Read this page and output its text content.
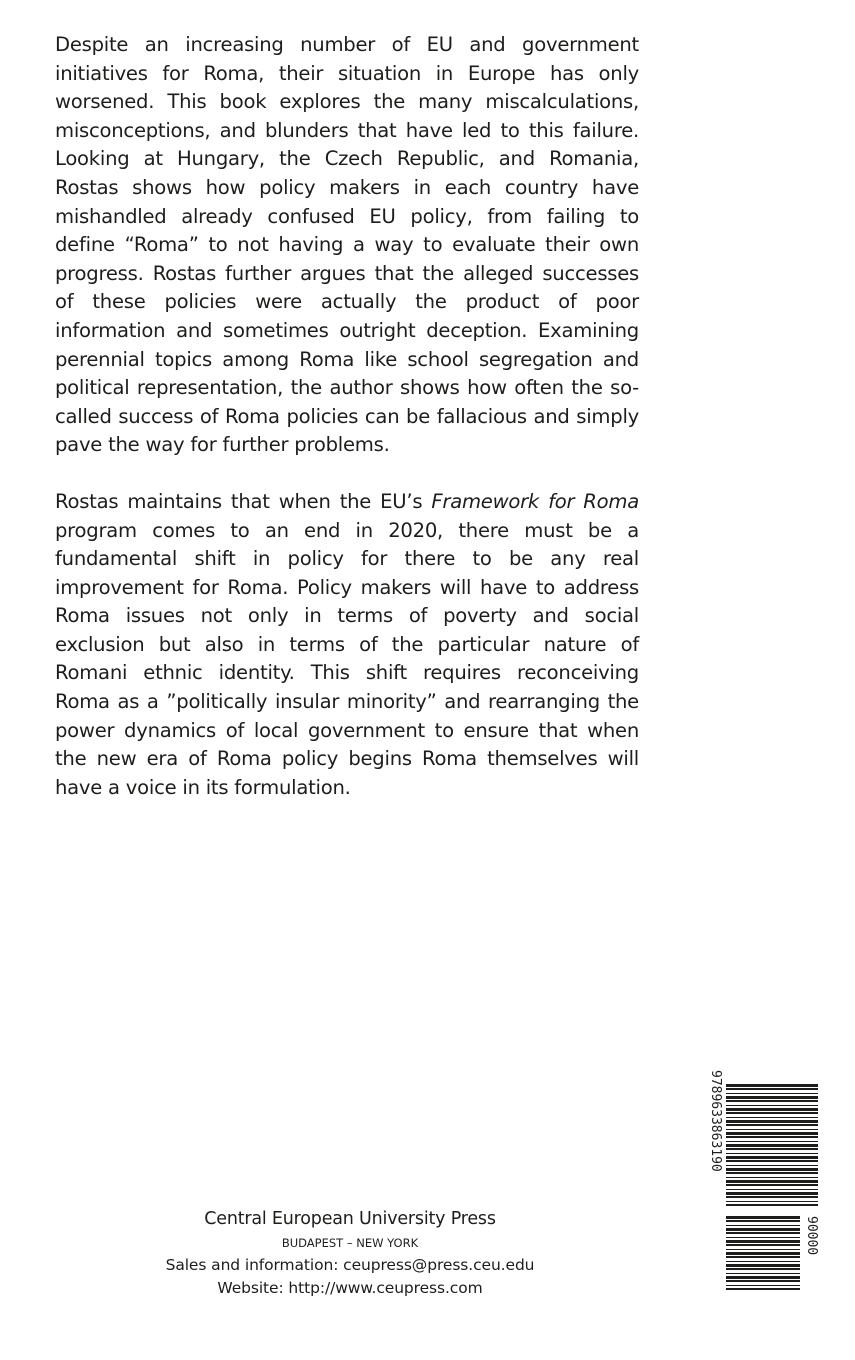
Despite an increasing number of EU and government initiatives for Roma, their situation in Europe has only worsened. This book explores the many miscalculations, misconceptions, and blunders that have led to this failure. Looking at Hungary, the Czech Republic, and Romania, Rostas shows how policy makers in each country have mishandled already confused EU policy, from failing to define “Roma” to not having a way to evaluate their own progress. Rostas further argues that the alleged successes of these policies were actually the product of poor information and sometimes outright deception. Examining perennial topics among Roma like school segregation and political representation, the author shows how often the so-called success of Roma policies can be fallacious and simply pave the way for further problems.

Rostas maintains that when the EU’s Framework for Roma program comes to an end in 2020, there must be a fundamental shift in policy for there to be any real improvement for Roma. Policy makers will have to address Roma issues not only in terms of poverty and social exclusion but also in terms of the particular nature of Romani ethnic identity. This shift requires reconceiving Roma as a ”politically insular minority” and rearranging the power dynamics of local government to ensure that when the new era of Roma policy begins Roma themselves will have a voice in its formulation.

Central European University Press
BUDAPEST – NEW YORK
Sales and information: ceupress@press.ceu.edu
Website: http://www.ceupress.com
9789633863190
90000
